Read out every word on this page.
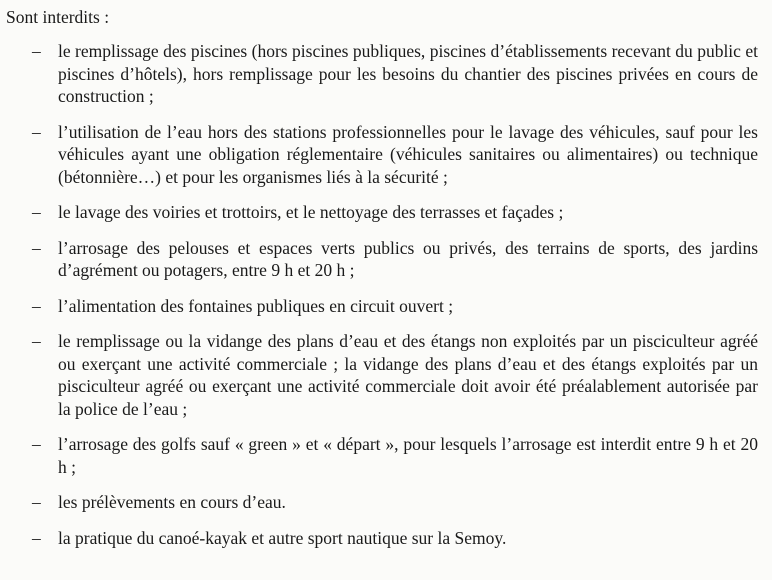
Sont interdits :

– le remplissage des piscines (hors piscines publiques, piscines d’établissements recevant du public et piscines d’hôtels), hors remplissage pour les besoins du chantier des piscines privées en cours de construction ;
– l’utilisation de l’eau hors des stations professionnelles pour le lavage des véhicules, sauf pour les véhicules ayant une obligation réglementaire (véhicules sanitaires ou alimentaires) ou technique (bétonnière…) et pour les organismes liés à la sécurité ;
– le lavage des voiries et trottoirs, et le nettoyage des terrasses et façades ;
– l’arrosage des pelouses et espaces verts publics ou privés, des terrains de sports, des jardins d’agrément ou potagers, entre 9 h et 20 h ;
– l’alimentation des fontaines publiques en circuit ouvert ;
– le remplissage ou la vidange des plans d’eau et des étangs non exploités par un pisciculteur agréé ou exerçant une activité commerciale ; la vidange des plans d’eau et des étangs exploités par un pisciculteur agréé ou exerçant une activité commerciale doit avoir été préalablement autorisée par la police de l’eau ;
– l’arrosage des golfs sauf « green » et « départ », pour lesquels l’arrosage est interdit entre 9 h et 20 h ;
– les prélèvements en cours d’eau.
– la pratique du canoé-kayak et autre sport nautique sur la Semoy.
